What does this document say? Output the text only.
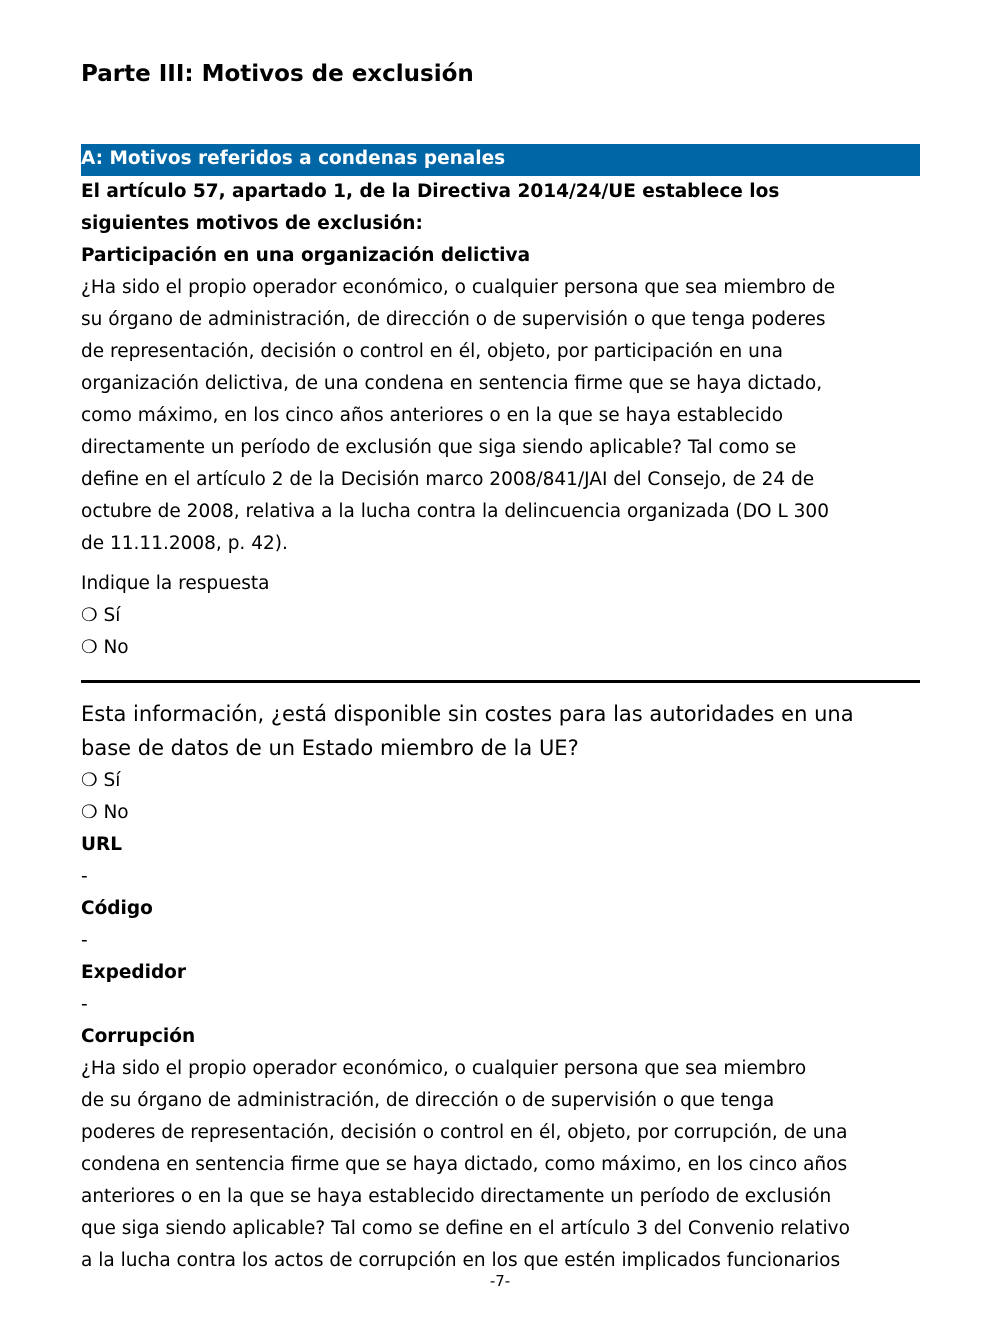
Parte III: Motivos de exclusión
A: Motivos referidos a condenas penales

El artículo 57, apartado 1, de la Directiva 2014/24/UE establece los

siguientes motivos de exclusión:

Participación en una organización delictiva

¿Ha sido el propio operador económico, o cualquier persona que sea miembro de

su órgano de administración, de dirección o de supervisión o que tenga poderes

de representación, decisión o control en él, objeto, por participación en una

organización delictiva, de una condena en sentencia firme que se haya dictado,

como máximo, en los cinco años anteriores o en la que se haya establecido

directamente un período de exclusión que siga siendo aplicable? Tal como se

define en el artículo 2 de la Decisión marco 2008/841/JAI del Consejo, de 24 de

octubre de 2008, relativa a la lucha contra la delincuencia organizada (DO L 300

de 11.11.2008, p. 42).

Indique la respuesta

❍ Sí

❍ No

Esta información, ¿está disponible sin costes para las autoridades en una

base de datos de un Estado miembro de la UE?

❍ Sí

❍ No

URL

-

Código

-

Expedidor

-

Corrupción

¿Ha sido el propio operador económico, o cualquier persona que sea miembro

de su órgano de administración, de dirección o de supervisión o que tenga

poderes de representación, decisión o control en él, objeto, por corrupción, de una

condena en sentencia firme que se haya dictado, como máximo, en los cinco años

anteriores o en la que se haya establecido directamente un período de exclusión

que siga siendo aplicable? Tal como se define en el artículo 3 del Convenio relativo

a la lucha contra los actos de corrupción en los que estén implicados funcionarios

-7-
